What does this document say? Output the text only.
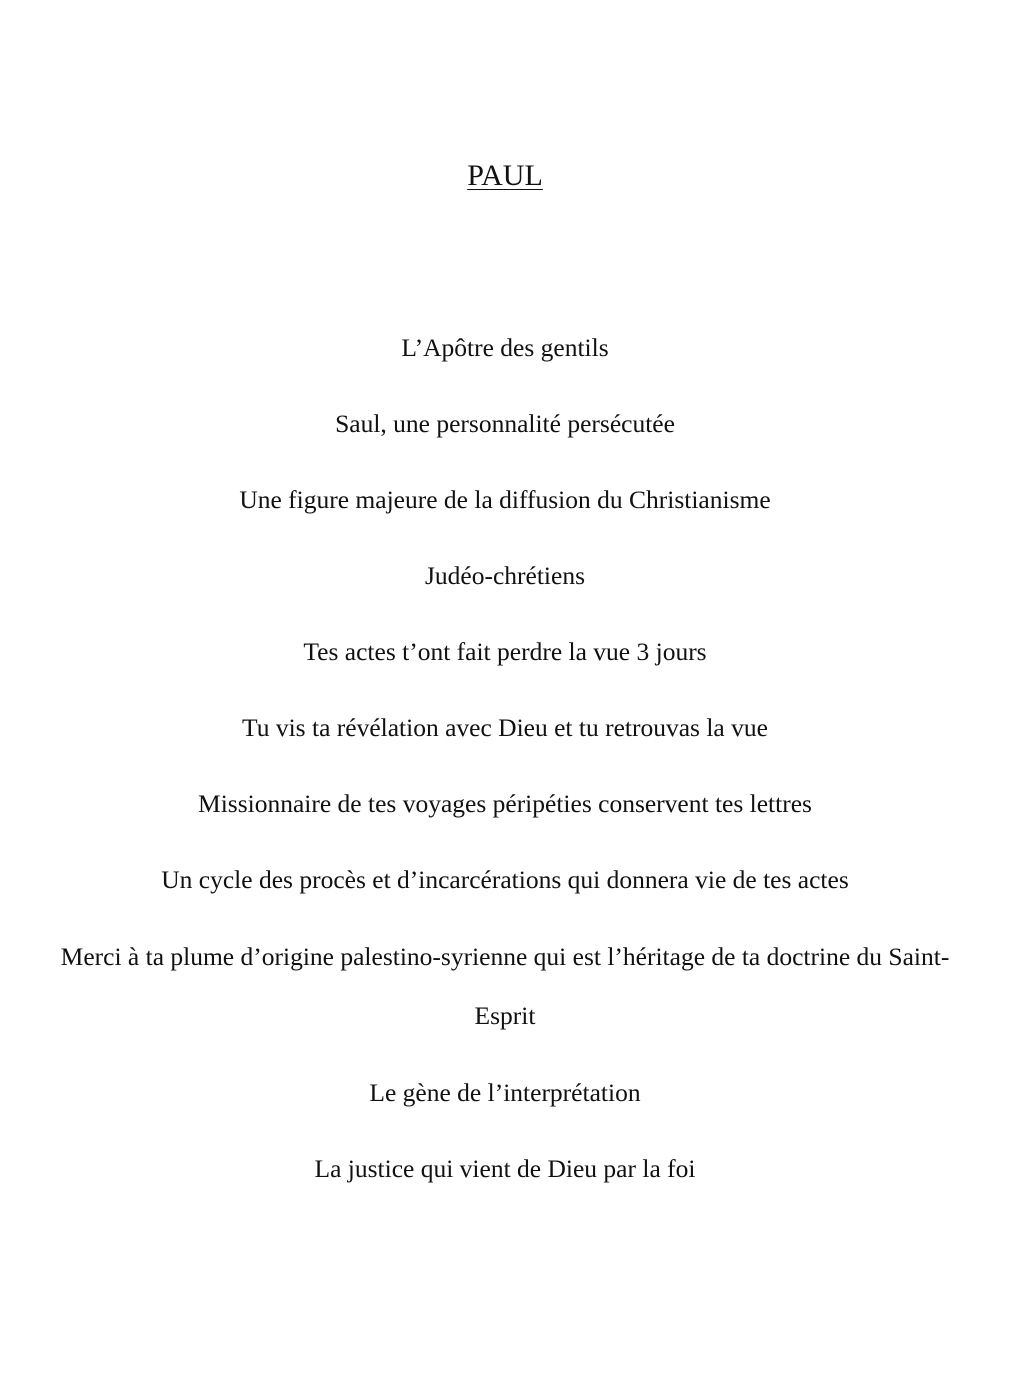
PAUL

L’Apôtre des gentils

Saul, une personnalité persécutée

Une figure majeure de la diffusion du Christianisme

Judéo-chrétiens

Tes actes t’ont fait perdre la vue 3 jours

Tu vis ta révélation avec Dieu et tu retrouvas la vue

Missionnaire de tes voyages péripéties conservent tes lettres

Un cycle des procès et d’incarcérations qui donnera vie de tes actes

Merci à ta plume d’origine palestino-syrienne qui est l’héritage de ta doctrine du Saint-Esprit

Le gène de l’interprétation

La justice qui vient de Dieu par la foi
